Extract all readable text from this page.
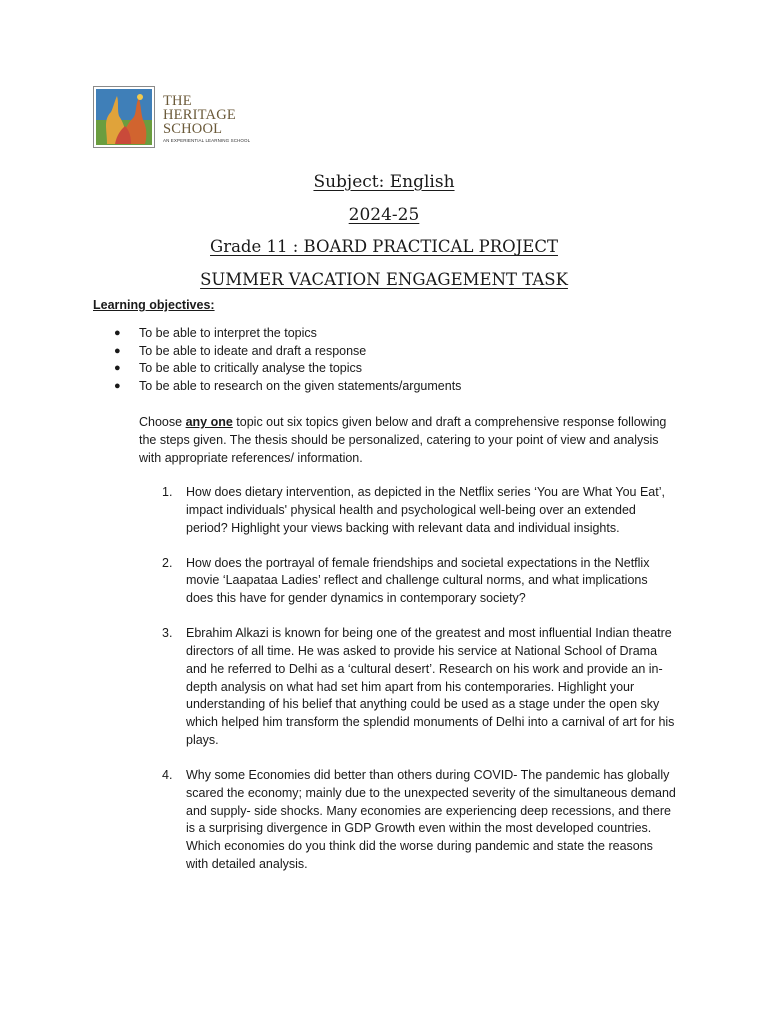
THE
HERITAGE
SCHOOL
AN EXPERIENTIAL LEARNING SCHOOL
Subject: English
2024-25
Grade 11 : BOARD PRACTICAL PROJECT
SUMMER VACATION ENGAGEMENT TASK
Learning objectives:
● To be able to interpret the topics
● To be able to ideate and draft a response
● To be able to critically analyse the topics
● To be able to research on the given statements/arguments
Choose any one topic out six topics given below and draft a comprehensive response following the steps given. The thesis should be personalized, catering to your point of view and analysis with appropriate references/ information.
1. How does dietary intervention, as depicted in the Netflix series ‘You are What You Eat’, impact individuals' physical health and psychological well-being over an extended period? Highlight your views backing with relevant data and individual insights.
2. How does the portrayal of female friendships and societal expectations in the Netflix movie ‘Laapataa Ladies’ reflect and challenge cultural norms, and what implications does this have for gender dynamics in contemporary society?
3. Ebrahim Alkazi is known for being one of the greatest and most influential Indian theatre directors of all time. He was asked to provide his service at National School of Drama and he referred to Delhi as a ‘cultural desert’. Research on his work and provide an in-depth analysis on what had set him apart from his contemporaries. Highlight your understanding of his belief that anything could be used as a stage under the open sky which helped him transform the splendid monuments of Delhi into a carnival of art for his plays.
4. Why some Economies did better than others during COVID- The pandemic has globally scared the economy; mainly due to the unexpected severity of the simultaneous demand and supply- side shocks. Many economies are experiencing deep recessions, and there is a surprising divergence in GDP Growth even within the most developed countries. Which economies do you think did the worse during pandemic and state the reasons with detailed analysis.
